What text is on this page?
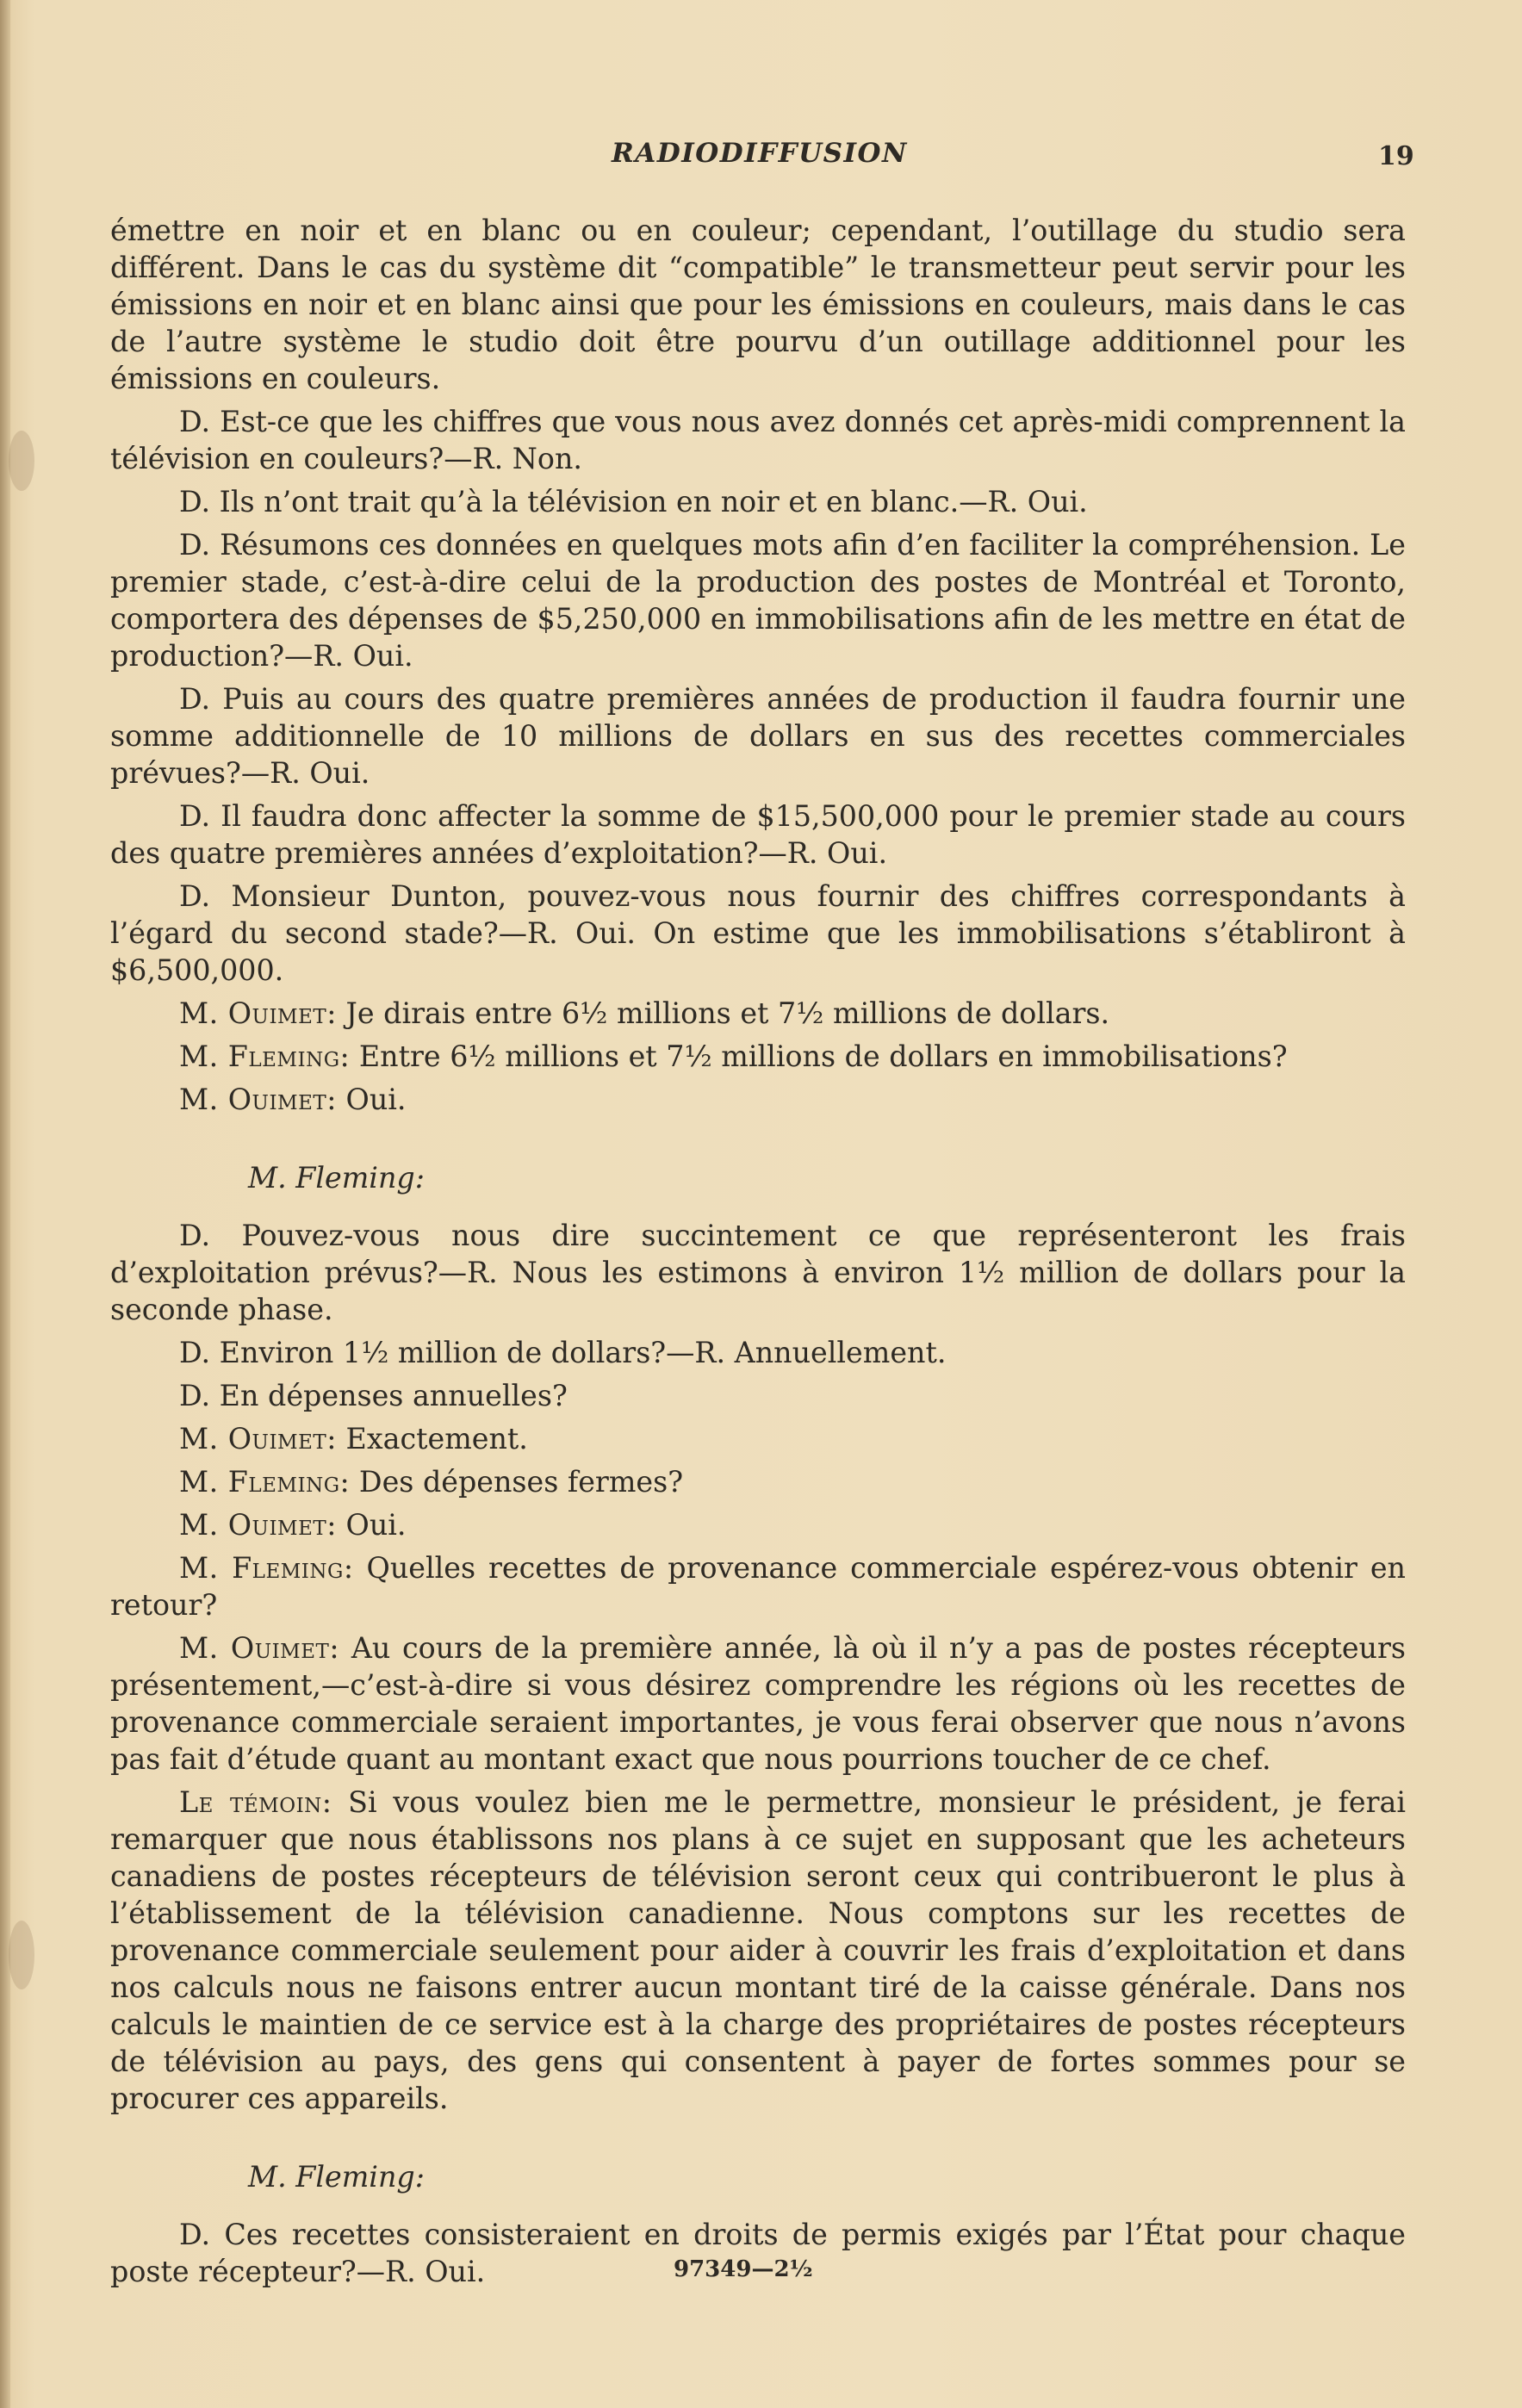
RADIODIFFUSION	19

émettre en noir et en blanc ou en couleur; cependant, l’outillage du studio sera différent. Dans le cas du système dit “compatible” le transmetteur peut servir pour les émissions en noir et en blanc ainsi que pour les émissions en couleurs, mais dans le cas de l’autre système le studio doit être pourvu d’un outillage additionnel pour les émissions en couleurs.

D. Est-ce que les chiffres que vous nous avez donnés cet après-midi comprennent la télévision en couleurs?—R. Non.

D. Ils n’ont trait qu’à la télévision en noir et en blanc.—R. Oui.

D. Résumons ces données en quelques mots afin d’en faciliter la compréhension. Le premier stade, c’est-à-dire celui de la production des postes de Montréal et Toronto, comportera des dépenses de $5,250,000 en immobilisations afin de les mettre en état de production?—R. Oui.

D. Puis au cours des quatre premières années de production il faudra fournir une somme additionnelle de 10 millions de dollars en sus des recettes commerciales prévues?—R. Oui.

D. Il faudra donc affecter la somme de $15,500,000 pour le premier stade au cours des quatre premières années d’exploitation?—R. Oui.

D. Monsieur Dunton, pouvez-vous nous fournir des chiffres correspondants à l’égard du second stade?—R. Oui. On estime que les immobilisations s’établiront à $6,500,000.

M. Ouimet: Je dirais entre 6½ millions et 7½ millions de dollars.

M. Fleming: Entre 6½ millions et 7½ millions de dollars en immobilisations?

M. Ouimet: Oui.

M. Fleming:

D. Pouvez-vous nous dire succintement ce que représenteront les frais d’exploitation prévus?—R. Nous les estimons à environ 1½ million de dollars pour la seconde phase.

D. Environ 1½ million de dollars?—R. Annuellement.

D. En dépenses annuelles?

M. Ouimet: Exactement.

M. Fleming: Des dépenses fermes?

M. Ouimet: Oui.

M. Fleming: Quelles recettes de provenance commerciale espérez-vous obtenir en retour?

M. Ouimet: Au cours de la première année, là où il n’y a pas de postes récepteurs présentement,—c’est-à-dire si vous désirez comprendre les régions où les recettes de provenance commerciale seraient importantes, je vous ferai observer que nous n’avons pas fait d’étude quant au montant exact que nous pourrions toucher de ce chef.

Le témoin: Si vous voulez bien me le permettre, monsieur le président, je ferai remarquer que nous établissons nos plans à ce sujet en supposant que les acheteurs canadiens de postes récepteurs de télévision seront ceux qui contribueront le plus à l’établissement de la télévision canadienne. Nous comptons sur les recettes de provenance commerciale seulement pour aider à couvrir les frais d’exploitation et dans nos calculs nous ne faisons entrer aucun montant tiré de la caisse générale. Dans nos calculs le maintien de ce service est à la charge des propriétaires de postes récepteurs de télévision au pays, des gens qui consentent à payer de fortes sommes pour se procurer ces appareils.

M. Fleming:

D. Ces recettes consisteraient en droits de permis exigés par l’État pour chaque poste récepteur?—R. Oui.	97349—2½
